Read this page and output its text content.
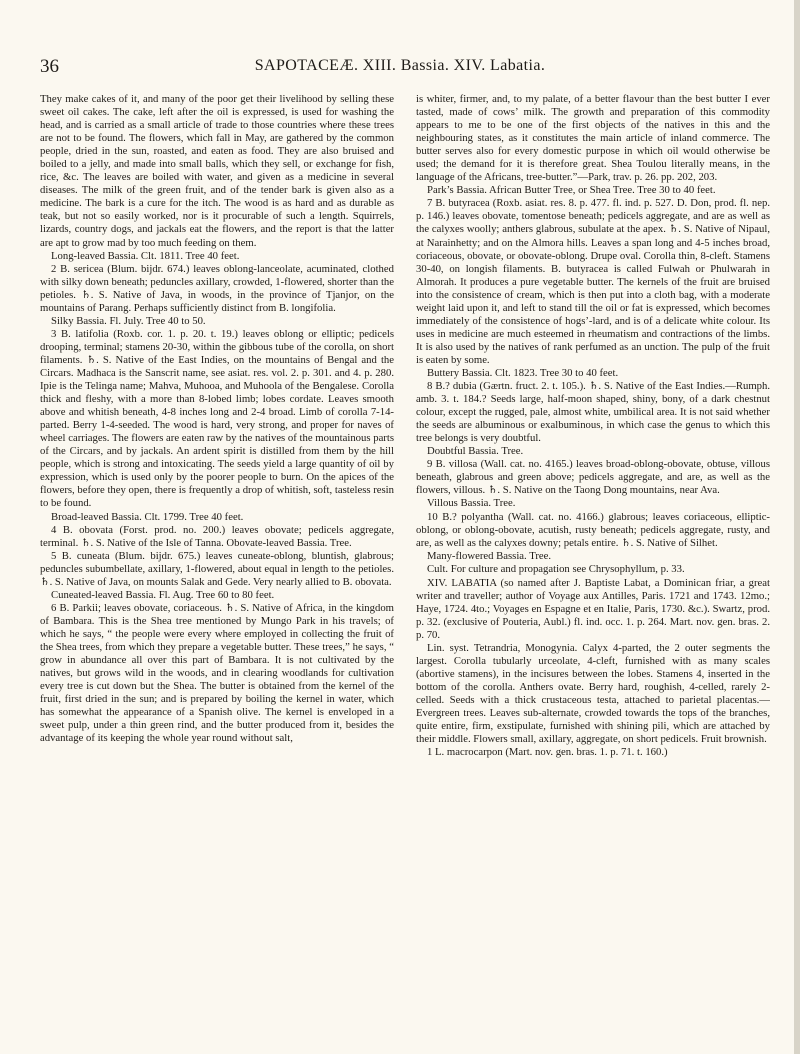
36	SAPOTACEÆ. XIII. Bassia. XIV. Labatia.

They make cakes of it, and many of the poor get their livelihood by selling these sweet oil cakes. The cake, left after the oil is expressed, is used for washing the head, and is carried as a small article of trade to those countries where these trees are not to be found. The flowers, which fall in May, are gathered by the common people, dried in the sun, roasted, and eaten as food. They are also bruised and boiled to a jelly, and made into small balls, which they sell, or exchange for fish, rice, &c. The leaves are boiled with water, and given as a medicine in several diseases. The milk of the green fruit, and of the tender bark is given also as a medicine. The bark is a cure for the itch. The wood is as hard and as durable as teak, but not so easily worked, nor is it procurable of such a length. Squirrels, lizards, country dogs, and jackals eat the flowers, and the report is that the latter are apt to grow mad by too much feeding on them.

Long-leaved Bassia. Clt. 1811. Tree 40 feet.

2 B. sericea (Blum. bijdr. 674.) leaves oblong-lanceolate, acuminated, clothed with silky down beneath; peduncles axillary, crowded, 1-flowered, shorter than the petioles. ♄. S. Native of Java, in woods, in the province of Tjanjor, on the mountains of Parang. Perhaps sufficiently distinct from B. longifolia.

Silky Bassia. Fl. July. Tree 40 to 50.

3 B. latifolia (Roxb. cor. 1. p. 20. t. 19.) leaves oblong or elliptic; pedicels drooping, terminal; stamens 20-30, within the gibbous tube of the corolla, on short filaments. ♄. S. Native of the East Indies, on the mountains of Bengal and the Circars. Madhaca is the Sanscrit name, see asiat. res. vol. 2. p. 301. and 4. p. 280. Ipie is the Telinga name; Mahva, Muhooa, and Muhoola of the Bengalese. Corolla thick and fleshy, with a more than 8-lobed limb; lobes cordate. Leaves smooth above and whitish beneath, 4-8 inches long and 2-4 broad. Limb of corolla 7-14-parted. Berry 1-4-seeded. The wood is hard, very strong, and proper for naves of wheel carriages. The flowers are eaten raw by the natives of the mountainous parts of the Circars, and by jackals. An ardent spirit is distilled from them by the hill people, which is strong and intoxicating. The seeds yield a large quantity of oil by expression, which is used only by the poorer people to burn. On the apices of the flowers, before they open, there is frequently a drop of whitish, soft, tasteless resin to be found.

Broad-leaved Bassia. Clt. 1799. Tree 40 feet.

4 B. obovata (Forst. prod. no. 200.) leaves obovate; pedicels aggregate, terminal. ♄. S. Native of the Isle of Tanna. Obovate-leaved Bassia. Tree.

5 B. cuneata (Blum. bijdr. 675.) leaves cuneate-oblong, bluntish, glabrous; peduncles subumbellate, axillary, 1-flowered, about equal in length to the petioles. ♄. S. Native of Java, on mounts Salak and Gede. Very nearly allied to B. obovata.

Cuneated-leaved Bassia. Fl. Aug. Tree 60 to 80 feet.

6 B. Parkii; leaves obovate, coriaceous. ♄. S. Native of Africa, in the kingdom of Bambara. This is the Shea tree mentioned by Mungo Park in his travels; of which he says, “ the people were every where employed in collecting the fruit of the Shea trees, from which they prepare a vegetable butter. These trees,” he says, “ grow in abundance all over this part of Bambara. It is not cultivated by the natives, but grows wild in the woods, and in clearing woodlands for cultivation every tree is cut down but the Shea. The butter is obtained from the kernel of the fruit, first dried in the sun; and is prepared by boiling the kernel in water, which has somewhat the appearance of a Spanish olive. The kernel is enveloped in a sweet pulp, under a thin green rind, and the butter produced from it, besides the advantage of its keeping the whole year round without salt,

is whiter, firmer, and, to my palate, of a better flavour than the best butter I ever tasted, made of cows’ milk. The growth and preparation of this commodity appears to me to be one of the first objects of the natives in this and the neighbouring states, as it constitutes the main article of inland commerce. The butter serves also for every domestic purpose in which oil would otherwise be used; the demand for it is therefore great. Shea Toulou literally means, in the language of the Africans, tree-butter.”—Park, trav. p. 26. pp. 202, 203.

Park’s Bassia. African Butter Tree, or Shea Tree. Tree 30 to 40 feet.

7 B. butyracea (Roxb. asiat. res. 8. p. 477. fl. ind. p. 527. D. Don, prod. fl. nep. p. 146.) leaves obovate, tomentose beneath; pedicels aggregate, and are as well as the calyxes woolly; anthers glabrous, subulate at the apex. ♄. S. Native of Nipaul, at Narainhetty; and on the Almora hills. Leaves a span long and 4-5 inches broad, coriaceous, obovate, or obovate-oblong. Drupe oval. Corolla thin, 8-cleft. Stamens 30-40, on longish filaments. B. butyracea is called Fulwah or Phulwarah in Almorah. It produces a pure vegetable butter. The kernels of the fruit are bruised into the consistence of cream, which is then put into a cloth bag, with a moderate weight laid upon it, and left to stand till the oil or fat is expressed, which becomes immediately of the consistence of hogs’-lard, and is of a delicate white colour. Its uses in medicine are much esteemed in rheumatism and contractions of the limbs. It is also used by the natives of rank perfumed as an unction. The pulp of the fruit is eaten by some.

Buttery Bassia. Clt. 1823. Tree 30 to 40 feet.

8 B.? dubia (Gærtn. fruct. 2. t. 105.). ♄. S. Native of the East Indies.—Rumph. amb. 3. t. 184.? Seeds large, half-moon shaped, shiny, bony, of a dark chestnut colour, except the rugged, pale, almost white, umbilical area. It is not said whether the seeds are albuminous or exalbuminous, in which case the genus to which this tree belongs is very doubtful.

Doubtful Bassia. Tree.

9 B. villosa (Wall. cat. no. 4165.) leaves broad-oblong-obovate, obtuse, villous beneath, glabrous and green above; pedicels aggregate, and are, as well as the flowers, villous. ♄. S. Native on the Taong Dong mountains, near Ava.

Villous Bassia. Tree.

10 B.? polyantha (Wall. cat. no. 4166.) glabrous; leaves coriaceous, elliptic-oblong, or oblong-obovate, acutish, rusty beneath; pedicels aggregate, rusty, and are, as well as the calyxes downy; petals entire. ♄. S. Native of Silhet.

Many-flowered Bassia. Tree.

Cult. For culture and propagation see Chrysophyllum, p. 33.

XIV. LABATIA (so named after J. Baptiste Labat, a Dominican friar, a great writer and traveller; author of Voyage aux Antilles, Paris. 1721 and 1743. 12mo.; Haye, 1724. 4to.; Voyages en Espagne et en Italie, Paris, 1730. &c.). Swartz, prod. p. 32. (exclusive of Pouteria, Aubl.) fl. ind. occ. 1. p. 264. Mart. nov. gen. bras. 2. p. 70.

Lin. syst. Tetrandria, Monogynia. Calyx 4-parted, the 2 outer segments the largest. Corolla tubularly urceolate, 4-cleft, furnished with as many scales (abortive stamens), in the incisures between the lobes. Stamens 4, inserted in the bottom of the corolla. Anthers ovate. Berry hard, roughish, 4-celled, rarely 2-celled. Seeds with a thick crustaceous testa, attached to parietal placentas.—Evergreen trees. Leaves sub-alternate, crowded towards the tops of the branches, quite entire, firm, exstipulate, furnished with shining pili, which are attached by their middle. Flowers small, axillary, aggregate, on short pedicels. Fruit brownish.

1 L. macrocarpon (Mart. nov. gen. bras. 1. p. 71. t. 160.)
